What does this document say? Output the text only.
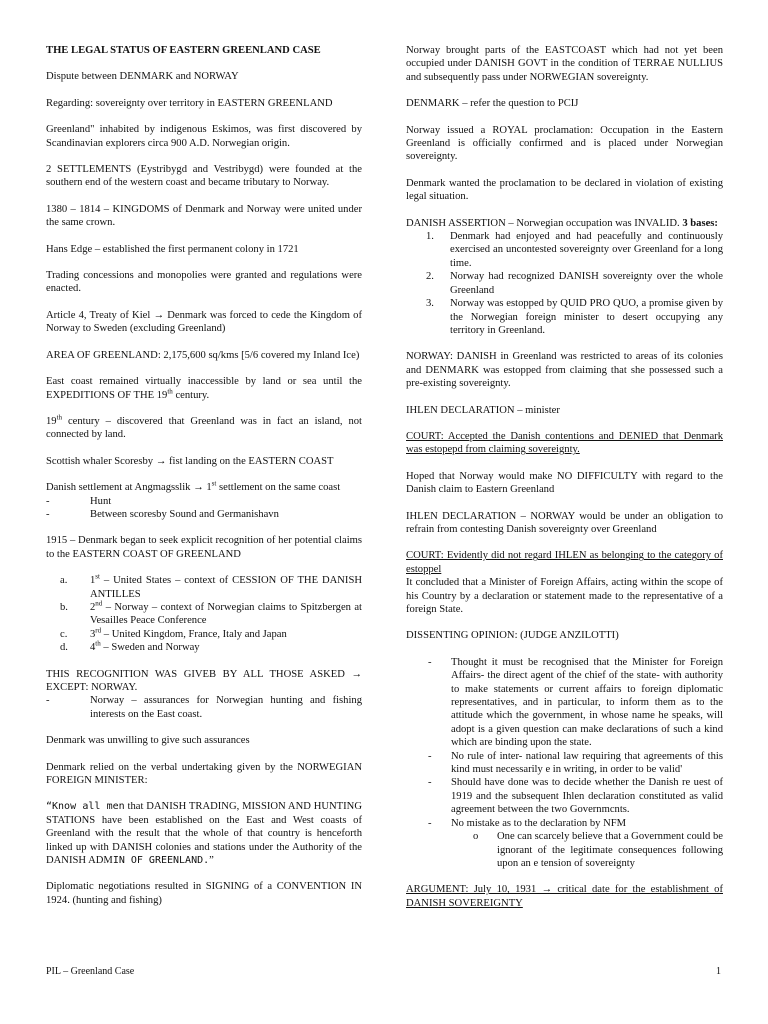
THE LEGAL STATUS OF EASTERN GREENLAND CASE

Dispute between DENMARK and NORWAY

Regarding: sovereignty over territory in EASTERN GREENLAND

Greenland" inhabited by indigenous Eskimos, was first discovered by Scandinavian explorers circa 900 A.D. Norwegian origin.

2 SETTLEMENTS (Eystribygd and Vestribygd) were founded at the southern end of the western coast and became tributary to Norway.

1380 – 1814 – KINGDOMS of Denmark and Norway were united under the same crown.

Hans Edge – established the first permanent colony in 1721

Trading concessions and monopolies were granted and regulations were enacted.

Article 4, Treaty of Kiel → Denmark was forced to cede the Kingdom of Norway to Sweden (excluding Greenland)

AREA OF GREENLAND: 2,175,600 sq/kms [5/6 covered my Inland Ice)

East coast remained virtually inaccessible by land or sea until the EXPEDITIONS OF THE 19th century.

19th century – discovered that Greenland was in fact an island, not connected by land.

Scottish whaler Scoresby → fist landing on the EASTERN COAST

Danish settlement at Angmagsslik → 1st settlement on the same coast

- Hunt
- Between scoresby Sound and Germanishavn

1915 – Denmark began to seek explicit recognition of her potential claims to the EASTERN COAST OF GREENLAND

a. 1st – United States – context of CESSION OF THE DANISH ANTILLES
b. 2nd – Norway – context of Norwegian claims to Spitzbergen at Vesailles Peace Conference
c. 3rd – United Kingdom, France, Italy and Japan
d. 4th – Sweden and Norway

THIS RECOGNITION WAS GIVEB BY ALL THOSE ASKED → EXCEPT: NORWAY.

- Norway – assurances for Norwegian hunting and fishing interests on the East coast.

Denmark was unwilling to give such assurances

Denmark relied on the verbal undertaking given by the NORWEGIAN FOREIGN MINISTER:

“Know all men that DANISH TRADING, MISSION AND HUNTING STATIONS have been established on the East and West coasts of Greenland with the result that the whole of that country is henceforth linked up with DANISH colonies and stations under the Authority of the DANISH ADMIN OF GREENLAND.”

Diplomatic negotiations resulted in SIGNING of a CONVENTION IN 1924. (hunting and fishing)

Norway brought parts of the EASTCOAST which had not yet been occupied under DANISH GOVT in the condition of TERRAE NULLIUS and subsequently pass under NORWEGIAN sovereignty.

DENMARK – refer the question to PCIJ

Norway issued a ROYAL proclamation: Occupation in the Eastern Greenland is officially confirmed and is placed under Norwegian sovereignty.

Denmark wanted the proclamation to be declared in violation of existing legal situation.

DANISH ASSERTION – Norwegian occupation was INVALID. 3 bases:

1. Denmark had enjoyed and had peacefully and continuously exercised an uncontested sovereignty over Greenland for a long time.
2. Norway had recognized DANISH sovereignty over the whole Greenland
3. Norway was estopped by QUID PRO QUO, a promise given by the Norwegian foreign minister to desert occupying any territory in Greenland.

NORWAY: DANISH in Greenland was restricted to areas of its colonies and DENMARK was estopped from claiming that she possessed such a pre-existing sovereignty.

IHLEN DECLARATION – minister

COURT: Accepted the Danish contentions and DENIED that Denmark was estopepd from claiming sovereignty.

Hoped that Norway would make NO DIFFICULTY with regard to the Danish claim to Eastern Greenland

IHLEN DECLARATION – NORWAY would be under an obligation to refrain from contesting Danish sovereignty over Greenland

COURT: Evidently did not regard IHLEN as belonging to the category of estoppel

It concluded that a Minister of Foreign Affairs, acting within the scope of his Country by a declaration or statement made to the representative of a foreign State.

DISSENTING OPINION: (JUDGE ANZILOTTI)

- Thought it must be recognised that the Minister for Foreign Affairs- the direct agent of the chief of the state- with authority to make statements or current affairs to foreign diplomatic representatives, and in particular, to inform them as to the attitude which the government, in whose name he speaks, will adopt is a given question can make declarations of such a kind which are binding upon the state.
- No rule of inter- national law requiring that agreements of this kind must necessarily e in writing, in order to be valid'
- Should have done was to decide whether the Danish re uest of 1919 and the subsequent Ihlen declaration constituted as valid agreement between the two Governmcnts.
- No mistake as to the declaration by NFM
o One can scarcely believe that a Government could be ignorant of the legitimate consequences following upon an e tension of sovereignty

ARGUMENT: July 10, 1931 → critical date for the establishment of DANISH SOVEREIGNTY

PIL – Greenland Case	1
